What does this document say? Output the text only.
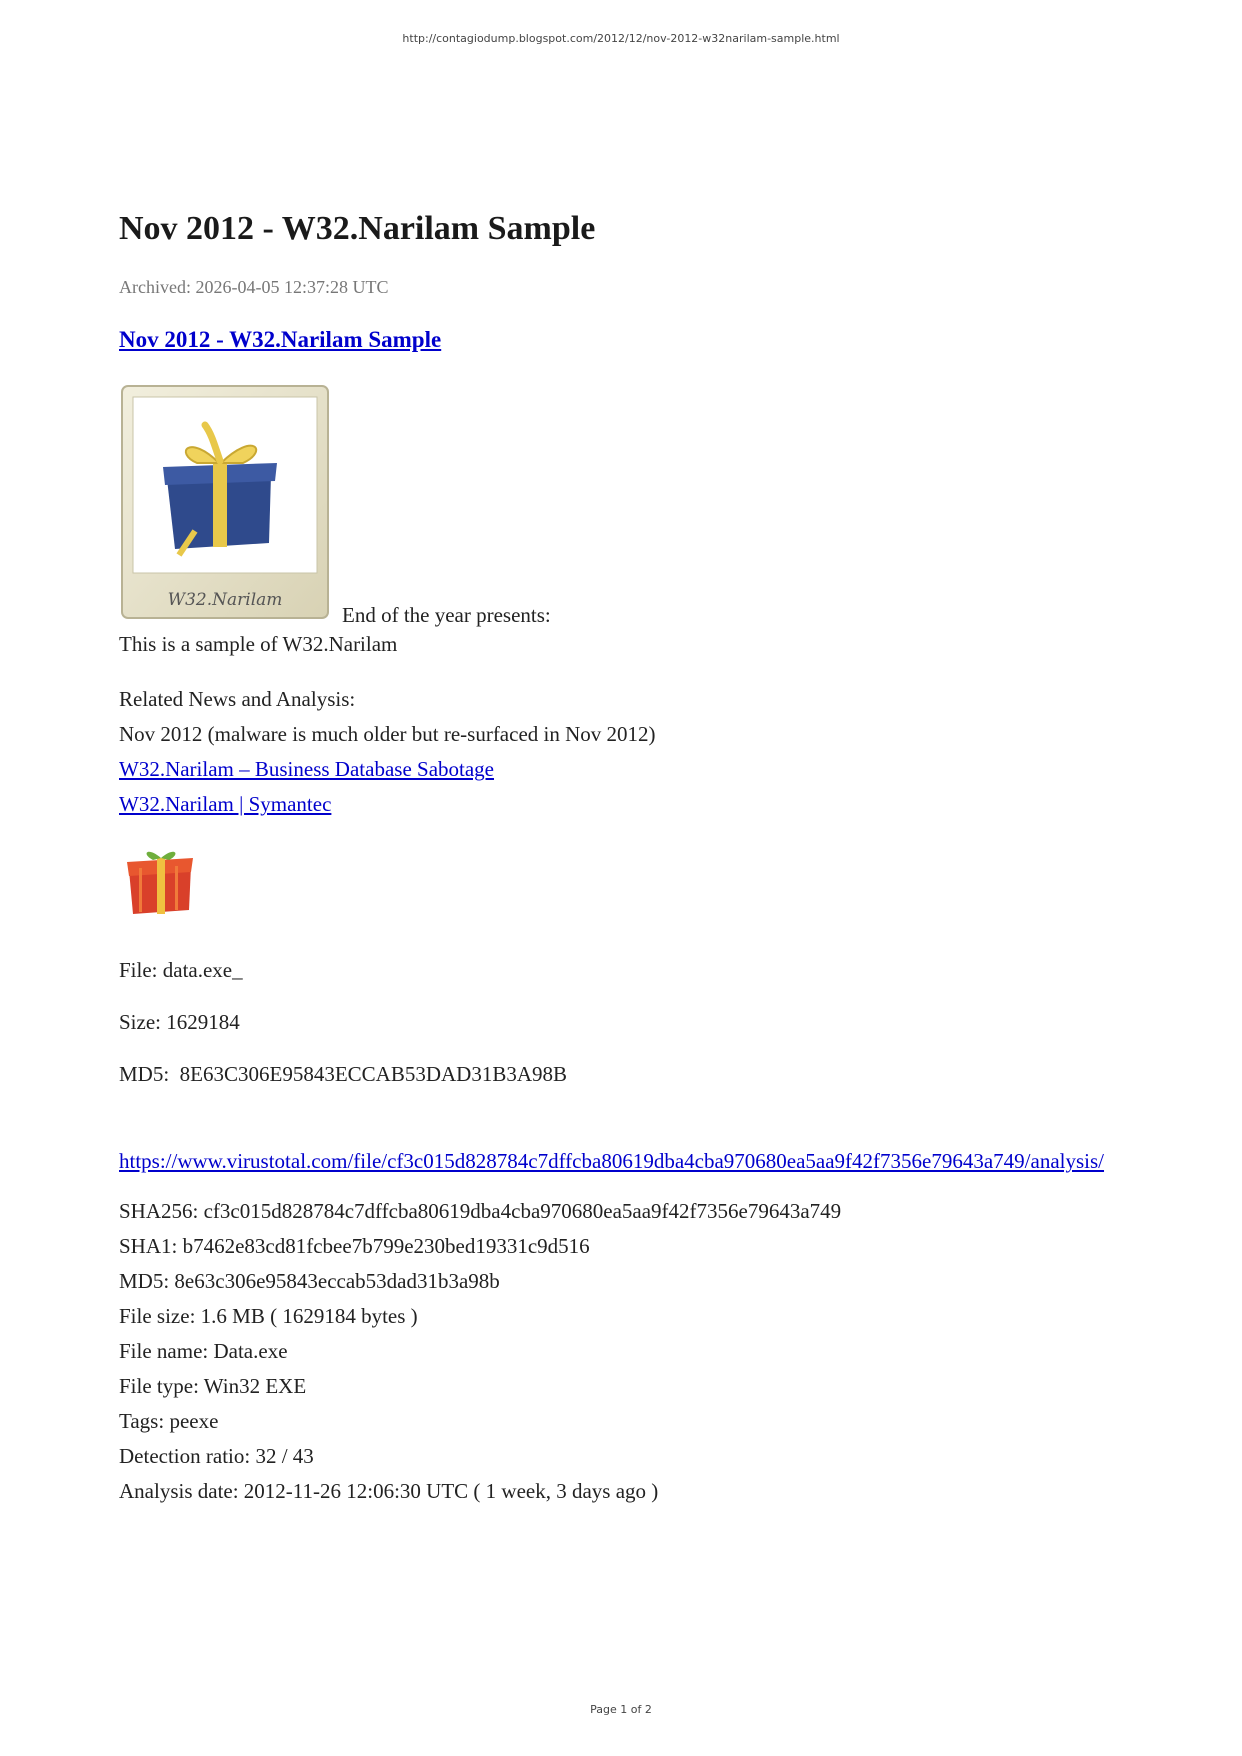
http://contagiodump.blogspot.com/2012/12/nov-2012-w32narilam-sample.html
Nov 2012 - W32.Narilam Sample
Archived: 2026-04-05 12:37:28 UTC
Nov 2012 - W32.Narilam Sample
W32.Narilam
End of the year presents:
This is a sample of W32.Narilam
Related News and Analysis:
Nov 2012 (malware is much older but re-surfaced in Nov 2012)
W32.Narilam – Business Database Sabotage
W32.Narilam | Symantec
File: data.exe_
Size: 1629184
MD5:  8E63C306E95843ECCAB53DAD31B3A98B
https://www.virustotal.com/file/cf3c015d828784c7dffcba80619dba4cba970680ea5aa9f42f7356e79643a749/analysis/
SHA256: cf3c015d828784c7dffcba80619dba4cba970680ea5aa9f42f7356e79643a749
SHA1: b7462e83cd81fcbee7b799e230bed19331c9d516
MD5: 8e63c306e95843eccab53dad31b3a98b
File size: 1.6 MB ( 1629184 bytes )
File name: Data.exe
File type: Win32 EXE
Tags: peexe
Detection ratio: 32 / 43
Analysis date: 2012-11-26 12:06:30 UTC ( 1 week, 3 days ago )
Page 1 of 2
